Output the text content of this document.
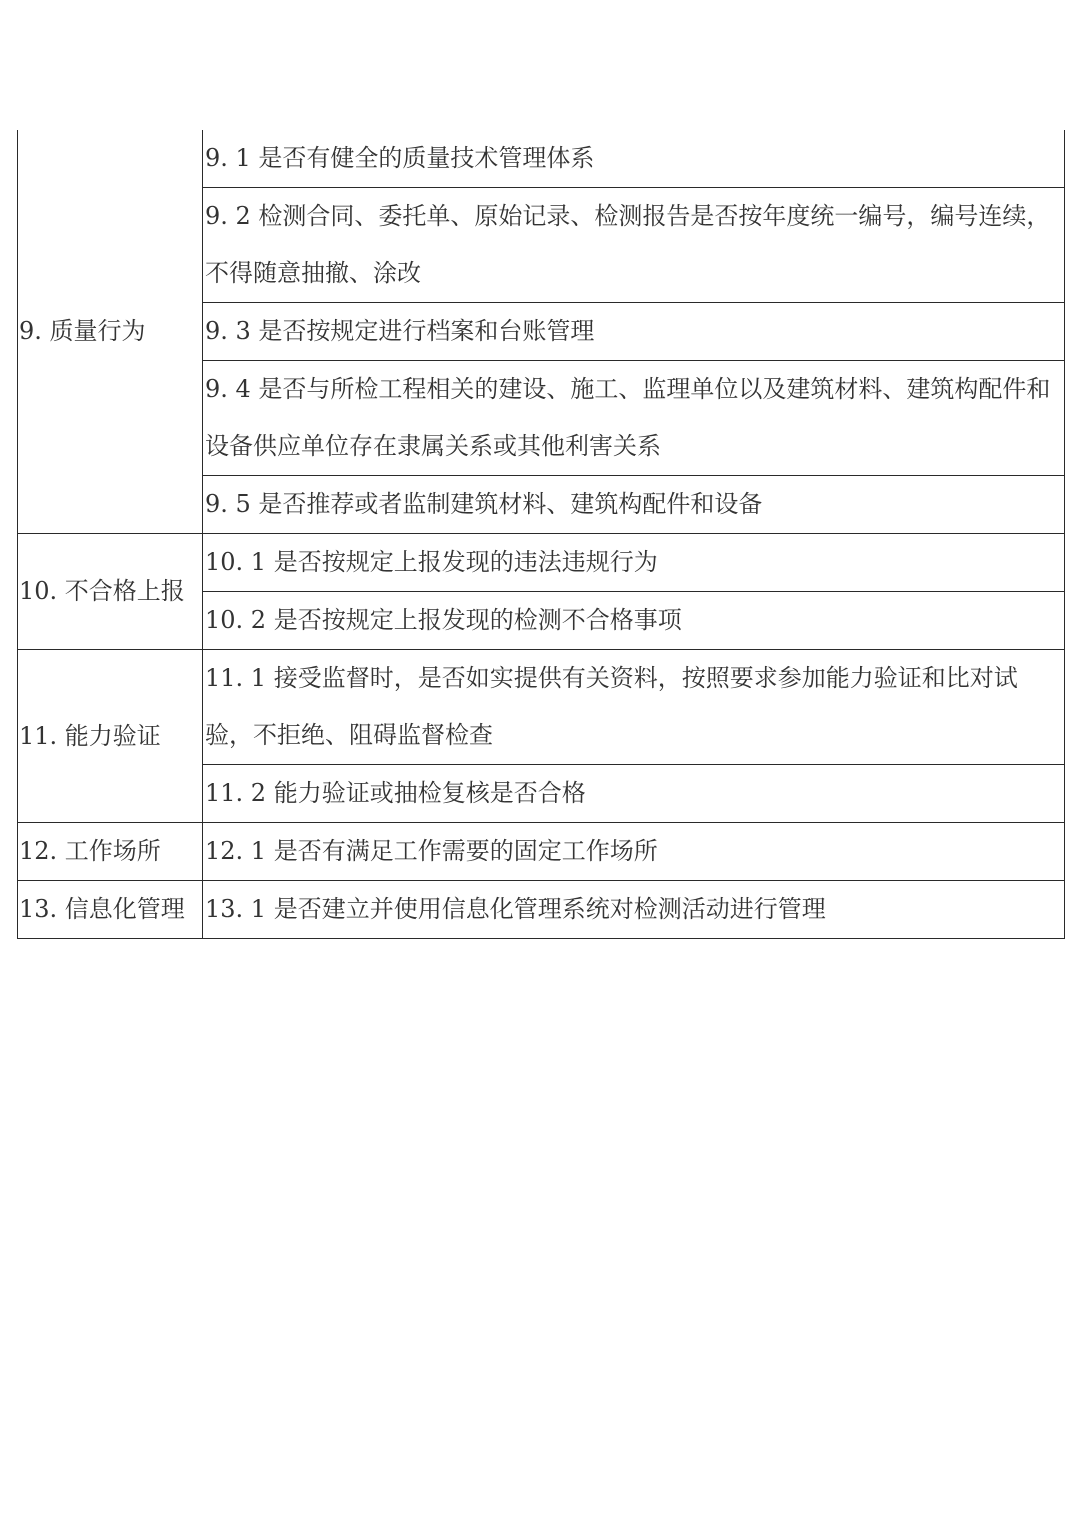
9. 质量行为	9. 1 是否有健全的质量技术管理体系
	9. 2 检测合同、委托单、原始记录、检测报告是否按年度统一编号，编号连续，不得随意抽撤、涂改
	9. 3 是否按规定进行档案和台账管理
	9. 4 是否与所检工程相关的建设、施工、监理单位以及建筑材料、建筑构配件和设备供应单位存在隶属关系或其他利害关系
	9. 5 是否推荐或者监制建筑材料、建筑构配件和设备
10. 不合格上报	10. 1 是否按规定上报发现的违法违规行为
	10. 2 是否按规定上报发现的检测不合格事项
11. 能力验证	11. 1 接受监督时，是否如实提供有关资料，按照要求参加能力验证和比对试验，不拒绝、阻碍监督检查
	11. 2 能力验证或抽检复核是否合格
12. 工作场所	12. 1 是否有满足工作需要的固定工作场所
13. 信息化管理	13. 1 是否建立并使用信息化管理系统对检测活动进行管理
